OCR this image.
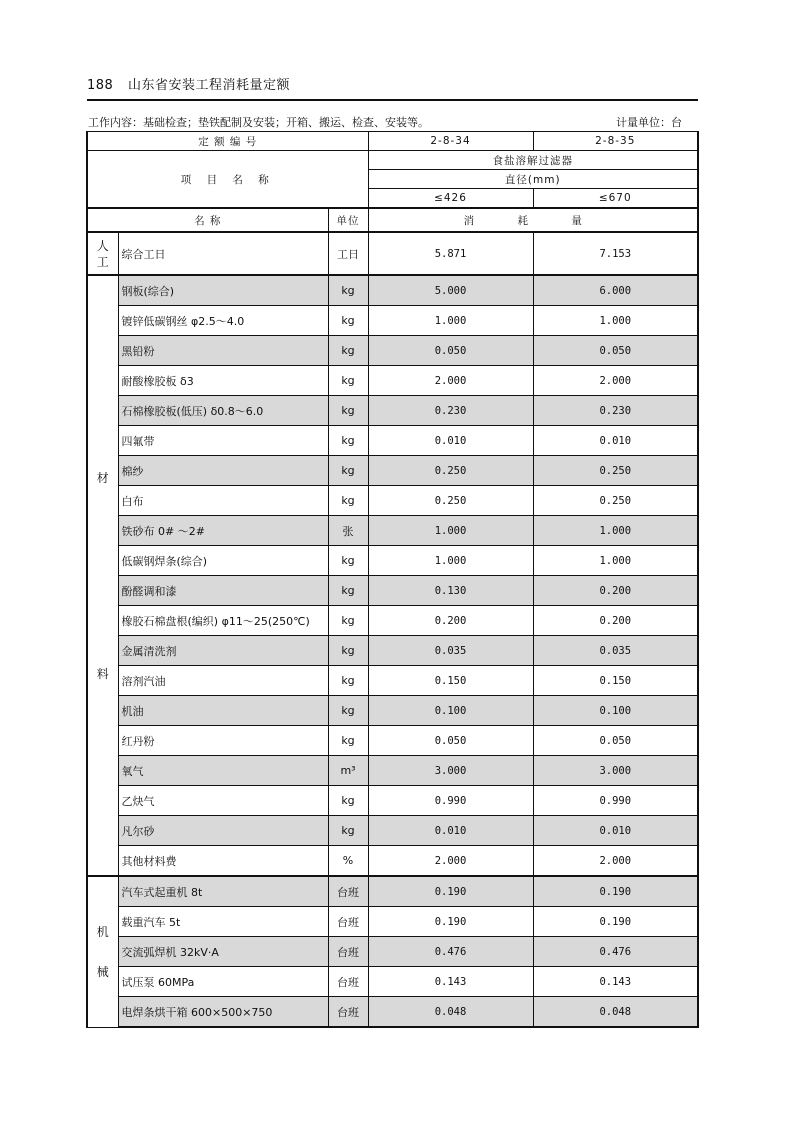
188 山东省安装工程消耗量定额
工作内容：基础检查；垫铁配制及安装；开箱、搬运、检查、安装等。	计量单位：台
定 额 编 号			2-8-34	2-8-35
项 目 名 称			食盐溶解过滤器	
			直径(mm)	
			≤426	≤670
名 称		单位	消 耗 量	

人
工	综合工日	工日	5.871	7.153

材
料	钢板(综合)	kg	5.000	6.000
	镀锌低碳钢丝 φ2.5～4.0	kg	1.000	1.000
	黑铅粉	kg	0.050	0.050
	耐酸橡胶板 δ3	kg	2.000	2.000
	石棉橡胶板(低压) δ0.8～6.0	kg	0.230	0.230
	四氟带	kg	0.010	0.010
	棉纱	kg	0.250	0.250
	白布	kg	0.250	0.250
	铁砂布 0# ～2#	张	1.000	1.000
	低碳钢焊条(综合)	kg	1.000	1.000
	酚醛调和漆	kg	0.130	0.200
	橡胶石棉盘根(编织) φ11～25(250℃)	kg	0.200	0.200
	金属清洗剂	kg	0.035	0.035
	溶剂汽油	kg	0.150	0.150
	机油	kg	0.100	0.100
	红丹粉	kg	0.050	0.050
	氧气	m³	3.000	3.000
	乙炔气	kg	0.990	0.990
	凡尔砂	kg	0.010	0.010
	其他材料费	%	2.000	2.000

机
械	汽车式起重机 8t	台班	0.190	0.190
	载重汽车 5t	台班	0.190	0.190
	交流弧焊机 32kV·A	台班	0.476	0.476
	试压泵 60MPa	台班	0.143	0.143
	电焊条烘干箱 600×500×750	台班	0.048	0.048
